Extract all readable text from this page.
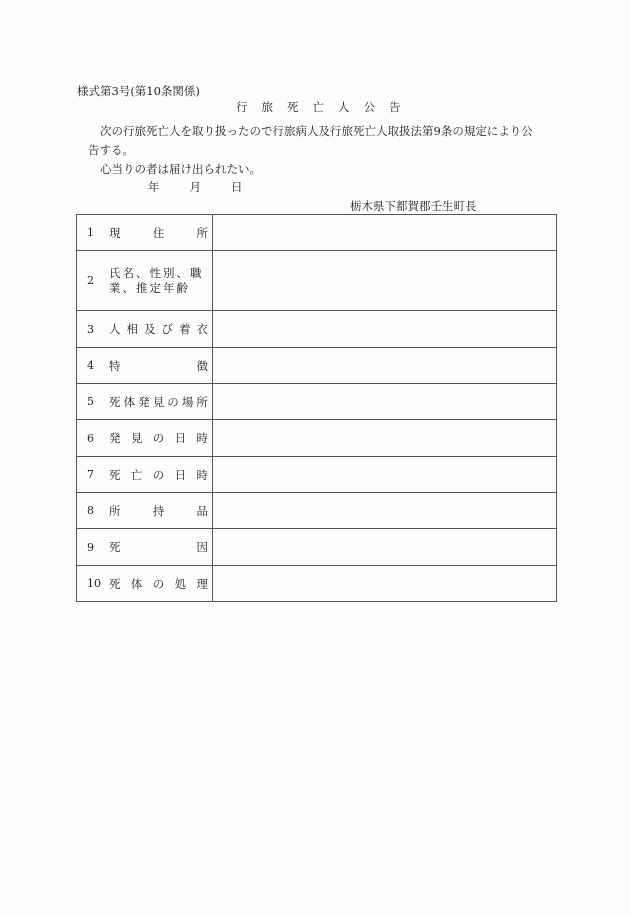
様式第3号(第10条関係)
行旅死亡人公告
次の行旅死亡人を取り扱ったので行旅病人及行旅死亡人取扱法第9条の規定により公
告する。
心当りの者は届け出られたい。
年	月	日
栃木県下都賀郡壬生町長
1 現 住 所	

2
氏名、性別、職
業、推定年齢	

3	人 相 及 び 着 衣

4 特 徴	

5	死 体 発 見 の 場 所

6	発 見 の 日 時

7	死 亡 の 日 時

8 所 持 品	

9 死 因	

10 死 体 の 処 理
